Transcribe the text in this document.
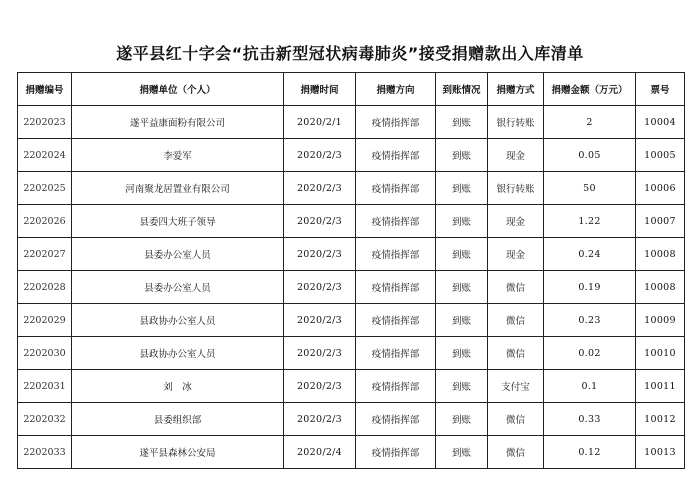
遂平县红十字会“抗击新型冠状病毒肺炎”接受捐赠款出入库清单
捐赠编号	捐赠单位（个人）	捐赠时间	捐赠方向	到账情况	捐赠方式	捐赠金额（万元）	票号
2202023	遂平益康面粉有限公司	2020/2/1	疫情指挥部	到账	银行转账	2	10004
2202024	李爱军	2020/2/3	疫情指挥部	到账	现金	0.05	10005
2202025	河南聚龙居置业有限公司	2020/2/3	疫情指挥部	到账	银行转账	50	10006
2202026	县委四大班子领导	2020/2/3	疫情指挥部	到账	现金	1.22	10007
2202027	县委办公室人员	2020/2/3	疫情指挥部	到账	现金	0.24	10008
2202028	县委办公室人员	2020/2/3	疫情指挥部	到账	微信	0.19	10008
2202029	县政协办公室人员	2020/2/3	疫情指挥部	到账	微信	0.23	10009
2202030	县政协办公室人员	2020/2/3	疫情指挥部	到账	微信	0.02	10010
2202031	刘　冰	2020/2/3	疫情指挥部	到账	支付宝	0.1	10011
2202032	县委组织部	2020/2/3	疫情指挥部	到账	微信	0.33	10012
2202033	遂平县森林公安局	2020/2/4	疫情指挥部	到账	微信	0.12	10013
